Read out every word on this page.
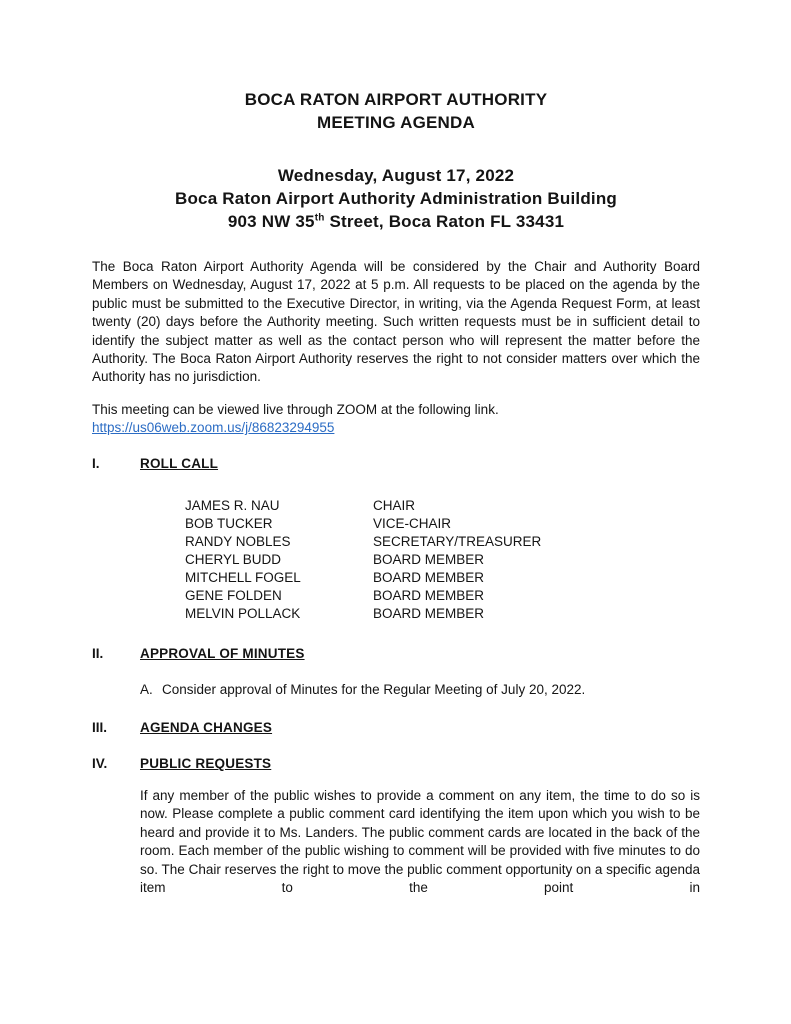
BOCA RATON AIRPORT AUTHORITY
MEETING AGENDA
Wednesday, August 17, 2022
Boca Raton Airport Authority Administration Building
903 NW 35th Street, Boca Raton FL 33431

The Boca Raton Airport Authority Agenda will be considered by the Chair and Authority Board Members on Wednesday, August 17, 2022 at 5 p.m. All requests to be placed on the agenda by the public must be submitted to the Executive Director, in writing, via the Agenda Request Form, at least twenty (20) days before the Authority meeting. Such written requests must be in sufficient detail to identify the subject matter as well as the contact person who will represent the matter before the Authority. The Boca Raton Airport Authority reserves the right to not consider matters over which the Authority has no jurisdiction.

This meeting can be viewed live through ZOOM at the following link.

https://us06web.zoom.us/j/86823294955
I.	ROLL CALL
JAMES R. NAU	CHAIR
BOB TUCKER	VICE-CHAIR
RANDY NOBLES	SECRETARY/TREASURER
CHERYL BUDD	BOARD MEMBER
MITCHELL FOGEL	BOARD MEMBER
GENE FOLDEN	BOARD MEMBER
MELVIN POLLACK	BOARD MEMBER
II.	APPROVAL OF MINUTES
A. Consider approval of Minutes for the Regular Meeting of July 20, 2022.
III.	AGENDA CHANGES
IV.	PUBLIC REQUESTS

If any member of the public wishes to provide a comment on any item, the time to do so is now. Please complete a public comment card identifying the item upon which you wish to be heard and provide it to Ms. Landers. The public comment cards are located in the back of the room. Each member of the public wishing to comment will be provided with five minutes to do so. The Chair reserves the right to move the public comment opportunity on a specific agenda item to the point in
